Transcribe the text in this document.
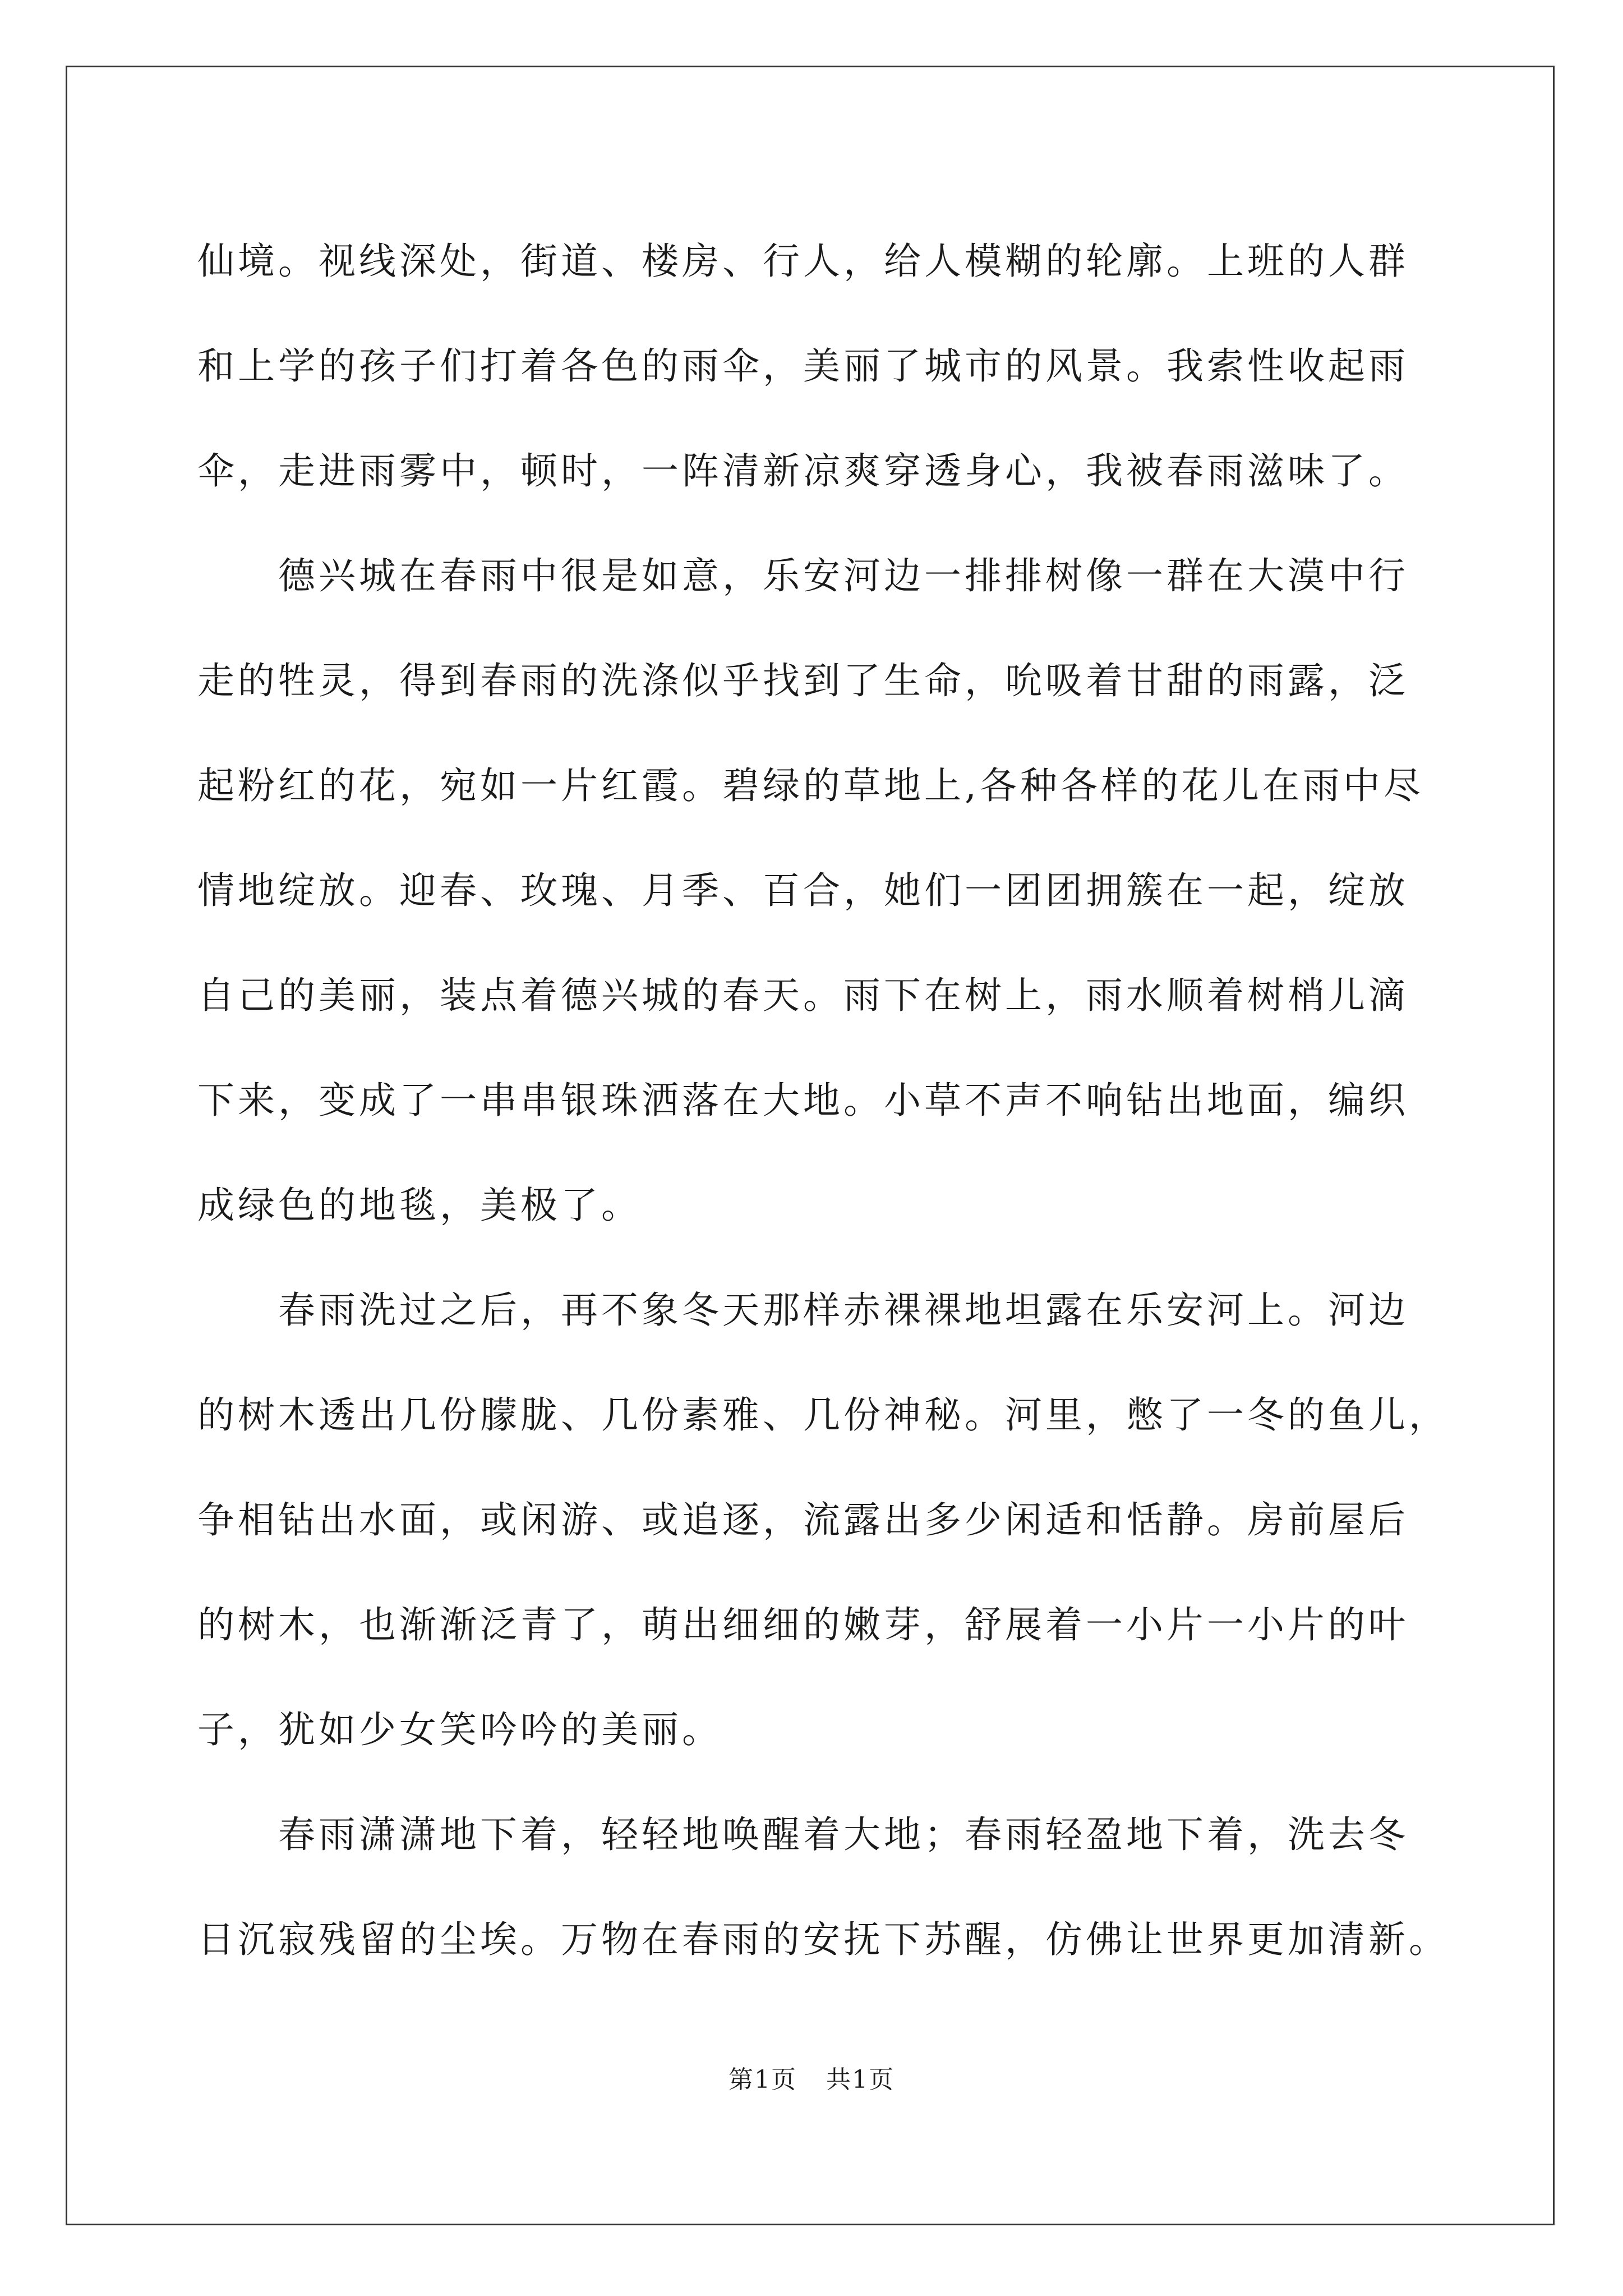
仙境。视线深处，街道、楼房、行人，给人模糊的轮廓。上班的人群

和上学的孩子们打着各色的雨伞，美丽了城市的风景。我索性收起雨

伞，走进雨雾中，顿时，一阵清新凉爽穿透身心，我被春雨滋味了。

　　德兴城在春雨中很是如意，乐安河边一排排树像一群在大漠中行

走的牲灵，得到春雨的洗涤似乎找到了生命，吮吸着甘甜的雨露，泛

起粉红的花，宛如一片红霞。碧绿的草地上,各种各样的花儿在雨中尽

情地绽放。迎春、玫瑰、月季、百合，她们一团团拥簇在一起，绽放

自己的美丽，装点着德兴城的春天。雨下在树上，雨水顺着树梢儿滴

下来，变成了一串串银珠洒落在大地。小草不声不响钻出地面，编织

成绿色的地毯，美极了。

　　春雨洗过之后，再不象冬天那样赤裸裸地坦露在乐安河上。河边

的树木透出几份朦胧、几份素雅、几份神秘。河里，憋了一冬的鱼儿，

争相钻出水面，或闲游、或追逐，流露出多少闲适和恬静。房前屋后

的树木，也渐渐泛青了，萌出细细的嫩芽，舒展着一小片一小片的叶

子，犹如少女笑吟吟的美丽。

　　春雨潇潇地下着，轻轻地唤醒着大地；春雨轻盈地下着，洗去冬

日沉寂残留的尘埃。万物在春雨的安抚下苏醒，仿佛让世界更加清新。

第1页 共1页
